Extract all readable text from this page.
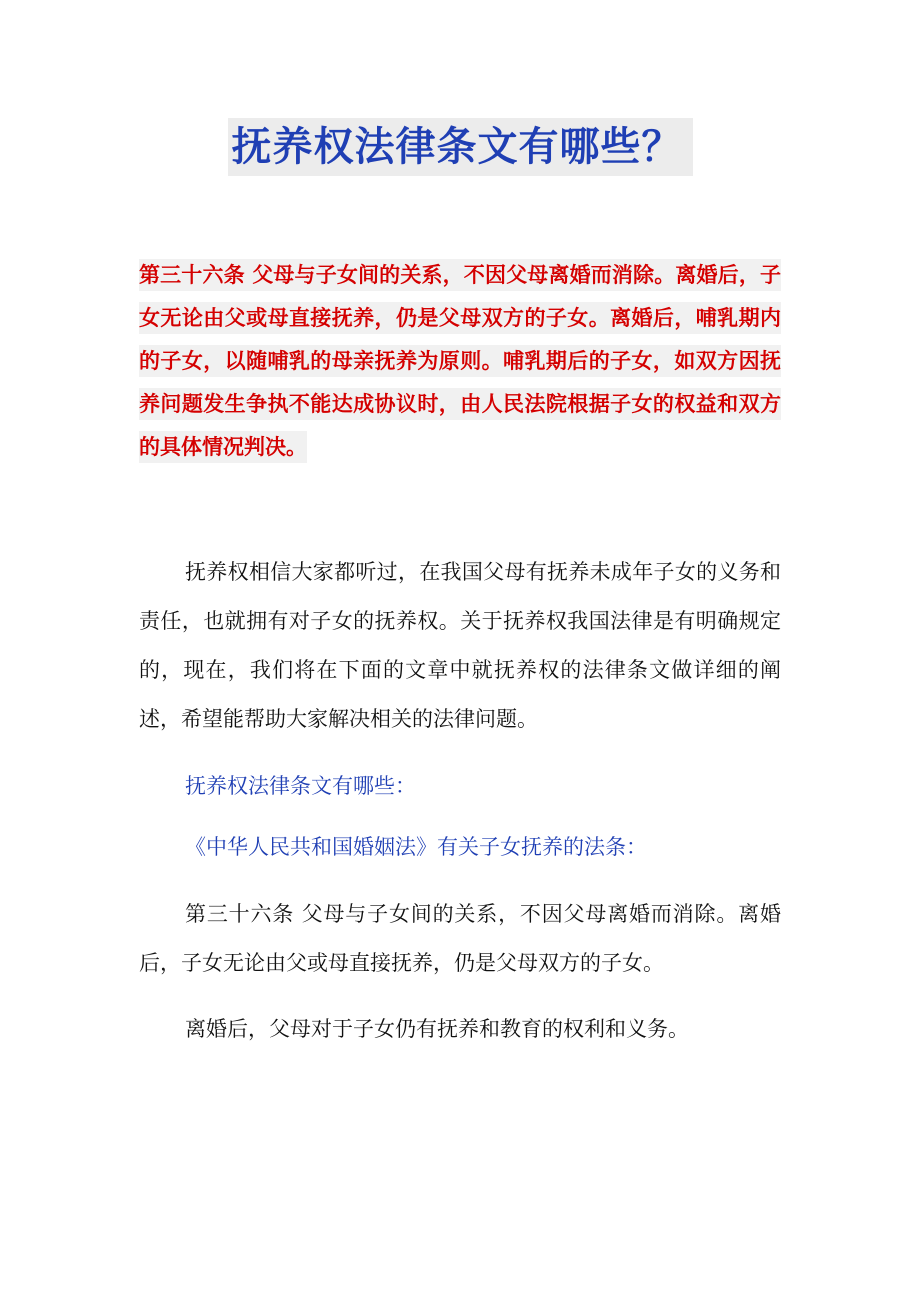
抚养权法律条文有哪些？
第三十六条 父母与子女间的关系，不因父母离婚而消除。离婚后，子女无论由父或母直接抚养，仍是父母双方的子女。离婚后，哺乳期内的子女，以随哺乳的母亲抚养为原则。哺乳期后的子女，如双方因抚养问题发生争执不能达成协议时，由人民法院根据子女的权益和双方的具体情况判决。

抚养权相信大家都听过，在我国父母有抚养未成年子女的义务和责任，也就拥有对子女的抚养权。关于抚养权我国法律是有明确规定的，现在，我们将在下面的文章中就抚养权的法律条文做详细的阐述，希望能帮助大家解决相关的法律问题。

抚养权法律条文有哪些：

《中华人民共和国婚姻法》有关子女抚养的法条：

第三十六条 父母与子女间的关系，不因父母离婚而消除。离婚后，子女无论由父或母直接抚养，仍是父母双方的子女。

离婚后，父母对于子女仍有抚养和教育的权利和义务。
